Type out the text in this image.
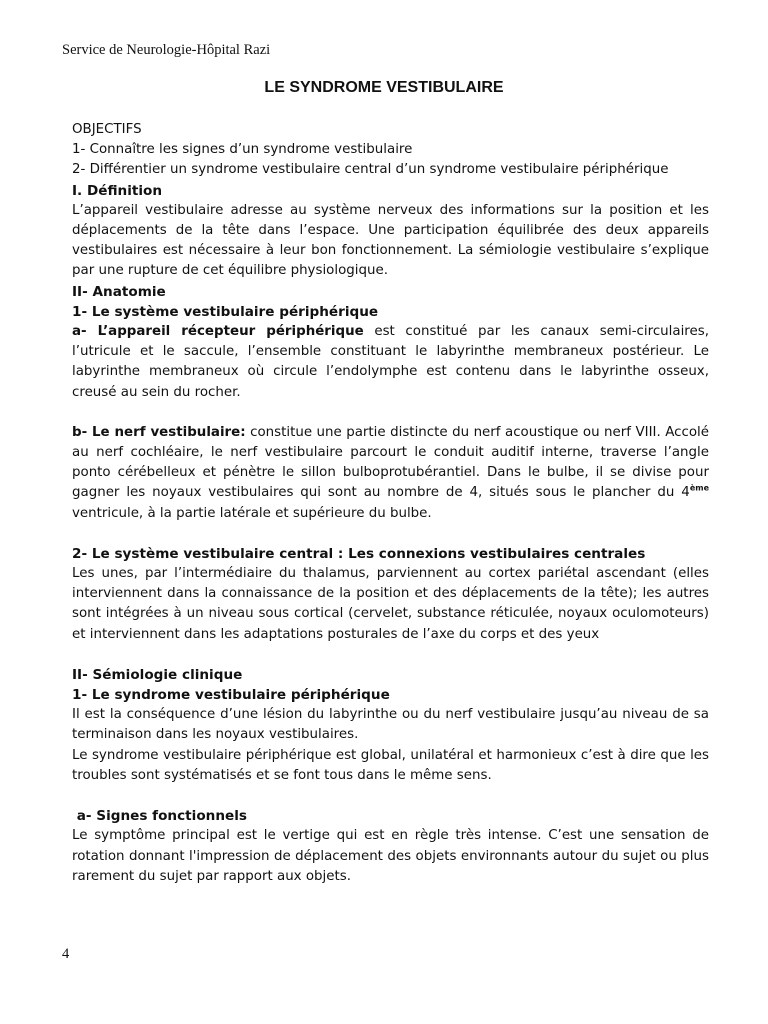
Service de Neurologie-Hôpital Razi
LE SYNDROME VESTIBULAIRE

OBJECTIFS

1- Connaître les signes d’un syndrome vestibulaire

2- Différentier un syndrome vestibulaire central d’un syndrome vestibulaire périphérique

I. Définition

L’appareil vestibulaire adresse au système nerveux des informations sur la position et les déplacements de la tête dans l’espace. Une participation équilibrée des deux appareils vestibulaires est nécessaire à leur bon fonctionnement. La sémiologie vestibulaire s’explique par une rupture de cet équilibre physiologique.

II- Anatomie

1- Le système vestibulaire périphérique

a- L’appareil récepteur périphérique est constitué par les canaux semi-circulaires, l’utricule et le saccule, l’ensemble constituant le labyrinthe membraneux postérieur. Le labyrinthe membraneux où circule l’endolymphe est contenu dans le labyrinthe osseux, creusé au sein du rocher.

b- Le nerf vestibulaire: constitue une partie distincte du nerf acoustique ou nerf VIII. Accolé au nerf cochléaire, le nerf vestibulaire parcourt le conduit auditif interne, traverse l’angle ponto cérébelleux et pénètre le sillon bulboprotubérantiel. Dans le bulbe, il se divise pour gagner les noyaux vestibulaires qui sont au nombre de 4, situés sous le plancher du 4ème ventricule, à la partie latérale et supérieure du bulbe.

2- Le système vestibulaire central : Les connexions vestibulaires centrales

Les unes, par l’intermédiaire du thalamus, parviennent au cortex pariétal ascendant (elles interviennent dans la connaissance de la position et des déplacements de la tête); les autres sont intégrées à un niveau sous cortical (cervelet, substance réticulée, noyaux oculomoteurs) et interviennent dans les adaptations posturales de l’axe du corps et des yeux

II- Sémiologie clinique

1- Le syndrome vestibulaire périphérique

Il est la conséquence d’une lésion du labyrinthe ou du nerf vestibulaire jusqu’au niveau de sa terminaison dans les noyaux vestibulaires.

Le syndrome vestibulaire périphérique est global, unilatéral et harmonieux c’est à dire que les troubles sont systématisés et se font tous dans le même sens.

a- Signes fonctionnels

Le symptôme principal est le vertige qui est en règle très intense. C’est une sensation de rotation donnant l'impression de déplacement des objets environnants autour du sujet ou plus rarement du sujet par rapport aux objets.

4
